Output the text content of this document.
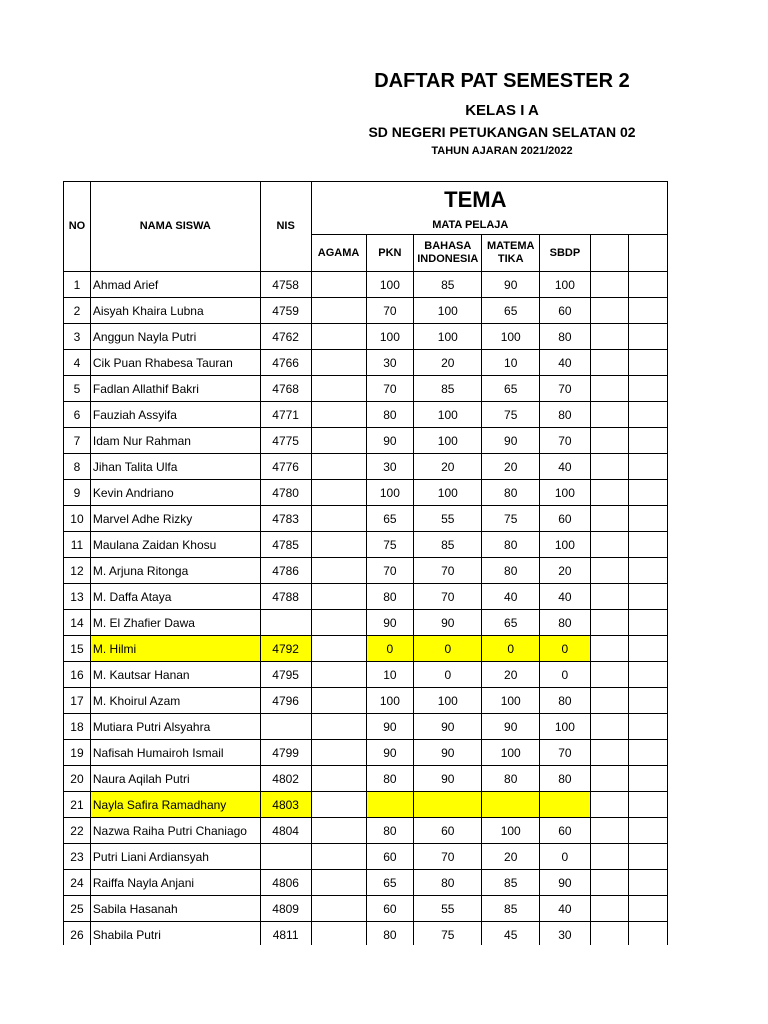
DAFTAR PAT SEMESTER 2
KELAS I A
SD NEGERI PETUKANGAN SELATAN 02
TAHUN AJARAN 2021/2022
NO	NAMA SISWA	NIS	TEMA						
			MATA PELAJA						
			AGAMA	PKN	BAHASA INDONESIA	MATEMA TIKA	SBDP		
1	Ahmad Arief	4758		100	85	90	100		
2	Aisyah Khaira Lubna	4759		70	100	65	60		
3	Anggun Nayla Putri	4762		100	100	100	80		
4	Cik Puan Rhabesa Tauran	4766		30	20	10	40		
5	Fadlan Allathif Bakri	4768		70	85	65	70		
6	Fauziah Assyifa	4771		80	100	75	80		
7	Idam Nur Rahman	4775		90	100	90	70		
8	Jihan Talita Ulfa	4776		30	20	20	40		
9	Kevin Andriano	4780		100	100	80	100		
10	Marvel Adhe Rizky	4783		65	55	75	60		
11	Maulana Zaidan Khosu	4785		75	85	80	100		
12	M. Arjuna Ritonga	4786		70	70	80	20		
13	M. Daffa Ataya	4788		80	70	40	40		
14	M. El Zhafier Dawa			90	90	65	80		
15	M. Hilmi	4792		0	0	0	0		
16	M. Kautsar Hanan	4795		10	0	20	0		
17	M. Khoirul Azam	4796		100	100	100	80		
18	Mutiara Putri Alsyahra			90	90	90	100		
19	Nafisah Humairoh Ismail	4799		90	90	100	70		
20	Naura Aqilah Putri	4802		80	90	80	80		
21	Nayla Safira Ramadhany	4803							
22	Nazwa Raiha Putri Chaniago	4804		80	60	100	60		
23	Putri Liani Ardiansyah			60	70	20	0		
24	Raiffa Nayla Anjani	4806		65	80	85	90		
25	Sabila Hasanah	4809		60	55	85	40		
26	Shabila Putri	4811		80	75	45	30		
